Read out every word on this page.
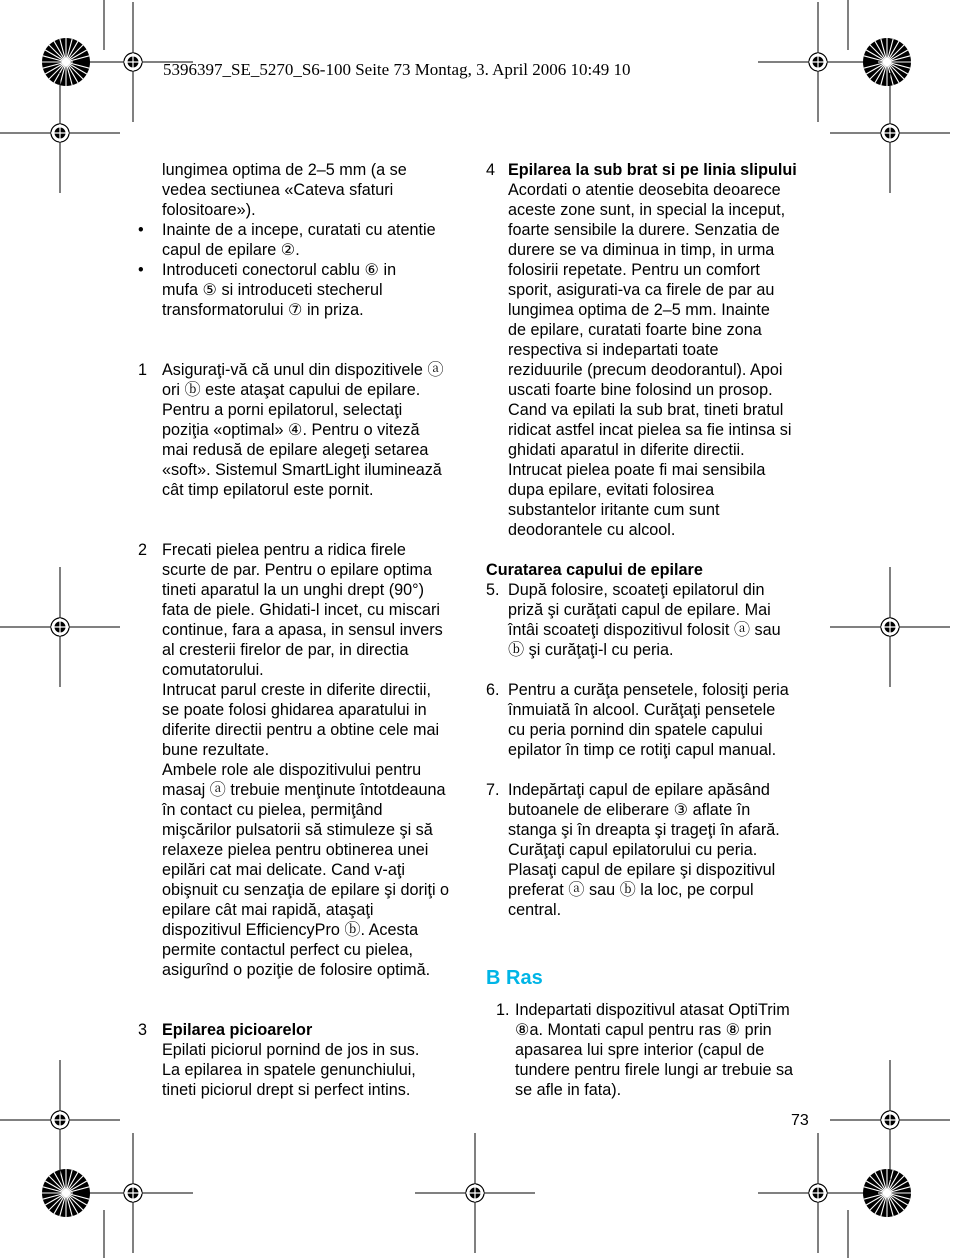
5396397_SE_5270_S6-100 Seite 73 Montag, 3. April 2006 10:49 10
lungimea optima de 2–5 mm (a se
vedea sectiunea «Cateva sfaturi
folositoare»).
• Inainte de a incepe, curatati cu atentie
capul de epilare ②.
• Introduceti conectorul cablu ⑥ in
mufa ⑤ si introduceti stecherul
transformatorului ⑦ in priza.
1 Asiguraţi-vă că unul din dispozitivele ⓐ
ori ⓑ este ataşat capului de epilare.
Pentru a porni epilatorul, selectaţi
poziţia «optimal» ④. Pentru o viteză
mai redusă de epilare alegeţi setarea
«soft». Sistemul SmartLight iluminează
cât timp epilatorul este pornit.
2 Frecati pielea pentru a ridica firele
scurte de par. Pentru o epilare optima
tineti aparatul la un unghi drept (90°)
fata de piele. Ghidati-l incet, cu miscari
continue, fara a apasa, in sensul invers
al cresterii firelor de par, in directia
comutatorului.
Intrucat parul creste in diferite directii,
se poate folosi ghidarea aparatului in
diferite directii pentru a obtine cele mai
bune rezultate.
Ambele role ale dispozitivului pentru
masaj ⓐ trebuie menţinute întotdeauna
în contact cu pielea, permiţând
mişcărilor pulsatorii să stimuleze şi să
relaxeze pielea pentru obtinerea unei
epilări cat mai delicate. Cand v-aţi
obişnuit cu senzaţia de epilare şi doriţi o
epilare cât mai rapidă, ataşaţi
dispozitivul EfficiencyPro ⓑ. Acesta
permite contactul perfect cu pielea,
asigurînd o poziţie de folosire optimă.
3 Epilarea picioarelor
Epilati piciorul pornind de jos in sus.
La epilarea in spatele genunchiului,
tineti piciorul drept si perfect intins.
4 Epilarea la sub brat si pe linia slipului
Acordati o atentie deosebita deoarece
aceste zone sunt, in special la inceput,
foarte sensibile la durere. Senzatia de
durere se va diminua in timp, in urma
folosirii repetate. Pentru un comfort
sporit, asigurati-va ca firele de par au
lungimea optima de 2–5 mm. Inainte
de epilare, curatati foarte bine zona
respectiva si indepartati toate
reziduurile (precum deodorantul). Apoi
uscati foarte bine folosind un prosop.
Cand va epilati la sub brat, tineti bratul
ridicat astfel incat pielea sa fie intinsa si
ghidati aparatul in diferite directii.
Intrucat pielea poate fi mai sensibila
dupa epilare, evitati folosirea
substantelor iritante cum sunt
deodorantele cu alcool.
Curatarea capului de epilare
5. După folosire, scoateţi epilatorul din
priză şi curăţati capul de epilare. Mai
întâi scoateţi dispozitivul folosit ⓐ sau
ⓑ şi curăţaţi-l cu peria.
6. Pentru a curăţa pensetele, folosiţi peria
înmuiată în alcool. Curăţaţi pensetele
cu peria pornind din spatele capului
epilator în timp ce rotiţi capul manual.
7. Indepărtaţi capul de epilare apăsând
butoanele de eliberare ③ aflate în
stanga şi în dreapta şi trageţi în afară.
Curăţaţi capul epilatorului cu peria.
Plasaţi capul de epilare şi dispozitivul
preferat ⓐ sau ⓑ la loc, pe corpul
central.
B Ras
1. Indepartati dispozitivul atasat OptiTrim
⑧a. Montati capul pentru ras ⑧ prin
apasarea lui spre interior (capul de
tundere pentru firele lungi ar trebuie sa
se afle in fata).
73
